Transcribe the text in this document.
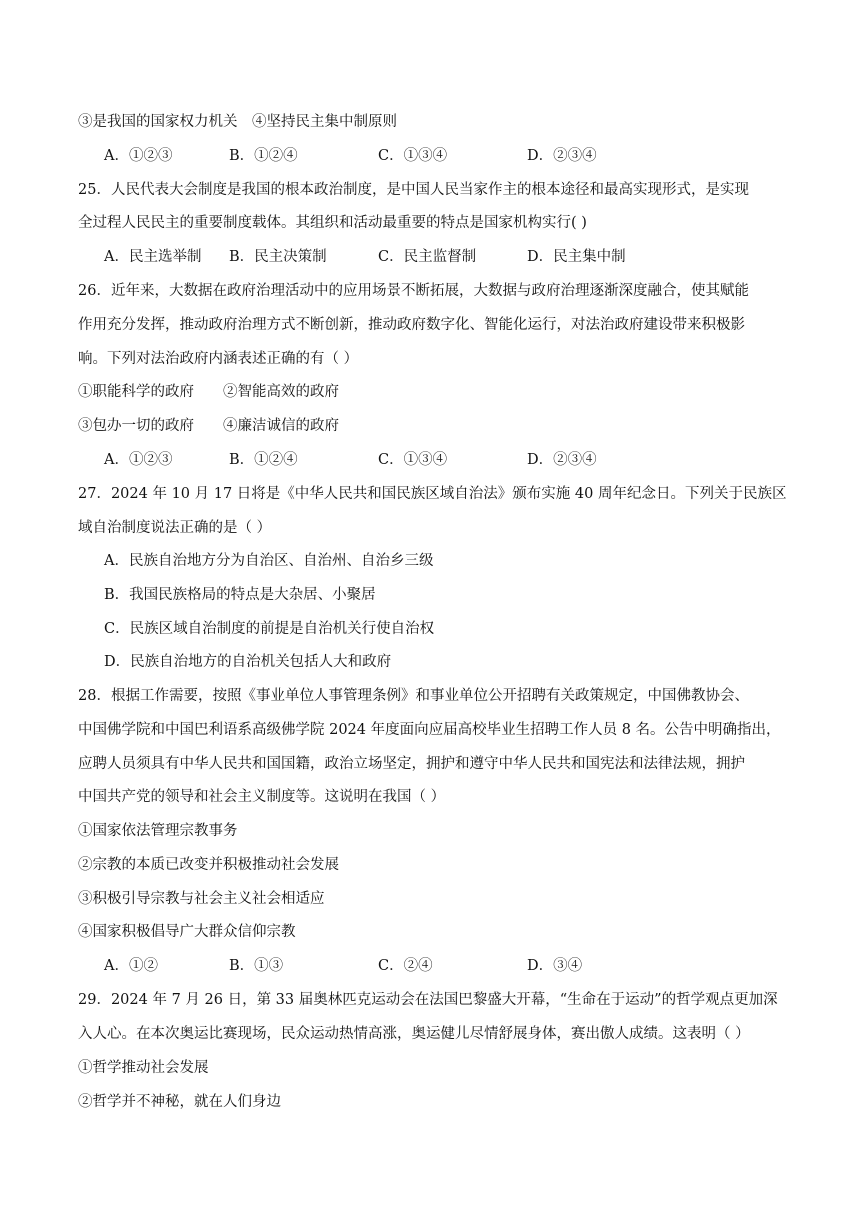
③是我国的国家权力机关　④坚持民主集中制原则
A．①②③	B．①②④	C．①③④	D．②③④
25．人民代表大会制度是我国的根本政治制度，是中国人民当家作主的根本途径和最高实现形式，是实现
全过程人民民主的重要制度载体。其组织和活动最重要的特点是国家机构实行( )
A．民主选举制 B．民主决策制	C．民主监督制	D．民主集中制
26．近年来，大数据在政府治理活动中的应用场景不断拓展，大数据与政府治理逐渐深度融合，使其赋能
作用充分发挥，推动政府治理方式不断创新，推动政府数字化、智能化运行，对法治政府建设带来积极影
响。下列对法治政府内涵表述正确的有（ ）
①职能科学的政府　　②智能高效的政府
③包办一切的政府　　④廉洁诚信的政府
A．①②③	B．①②④	C．①③④	D．②③④
27．2024 年 10 月 17 日将是《中华人民共和国民族区域自治法》颁布实施 40 周年纪念日。下列关于民族区
域自治制度说法正确的是（ ）
A．民族自治地方分为自治区、自治州、自治乡三级
B．我国民族格局的特点是大杂居、小聚居
C．民族区域自治制度的前提是自治机关行使自治权
D．民族自治地方的自治机关包括人大和政府
28．根据工作需要，按照《事业单位人事管理条例》和事业单位公开招聘有关政策规定，中国佛教协会、
中国佛学院和中国巴利语系高级佛学院 2024 年度面向应届高校毕业生招聘工作人员 8 名。公告中明确指出，
应聘人员须具有中华人民共和国国籍，政治立场坚定，拥护和遵守中华人民共和国宪法和法律法规，拥护
中国共产党的领导和社会主义制度等。这说明在我国（ ）
①国家依法管理宗教事务
②宗教的本质已改变并积极推动社会发展
③积极引导宗教与社会主义社会相适应
④国家积极倡导广大群众信仰宗教
A．①②	B．①③	C．②④	D．③④
29．2024 年 7 月 26 日，第 33 届奥林匹克运动会在法国巴黎盛大开幕，“生命在于运动”的哲学观点更加深
入人心。在本次奥运比赛现场，民众运动热情高涨，奥运健儿尽情舒展身体，赛出傲人成绩。这表明（ ）
①哲学推动社会发展
②哲学并不神秘，就在人们身边
